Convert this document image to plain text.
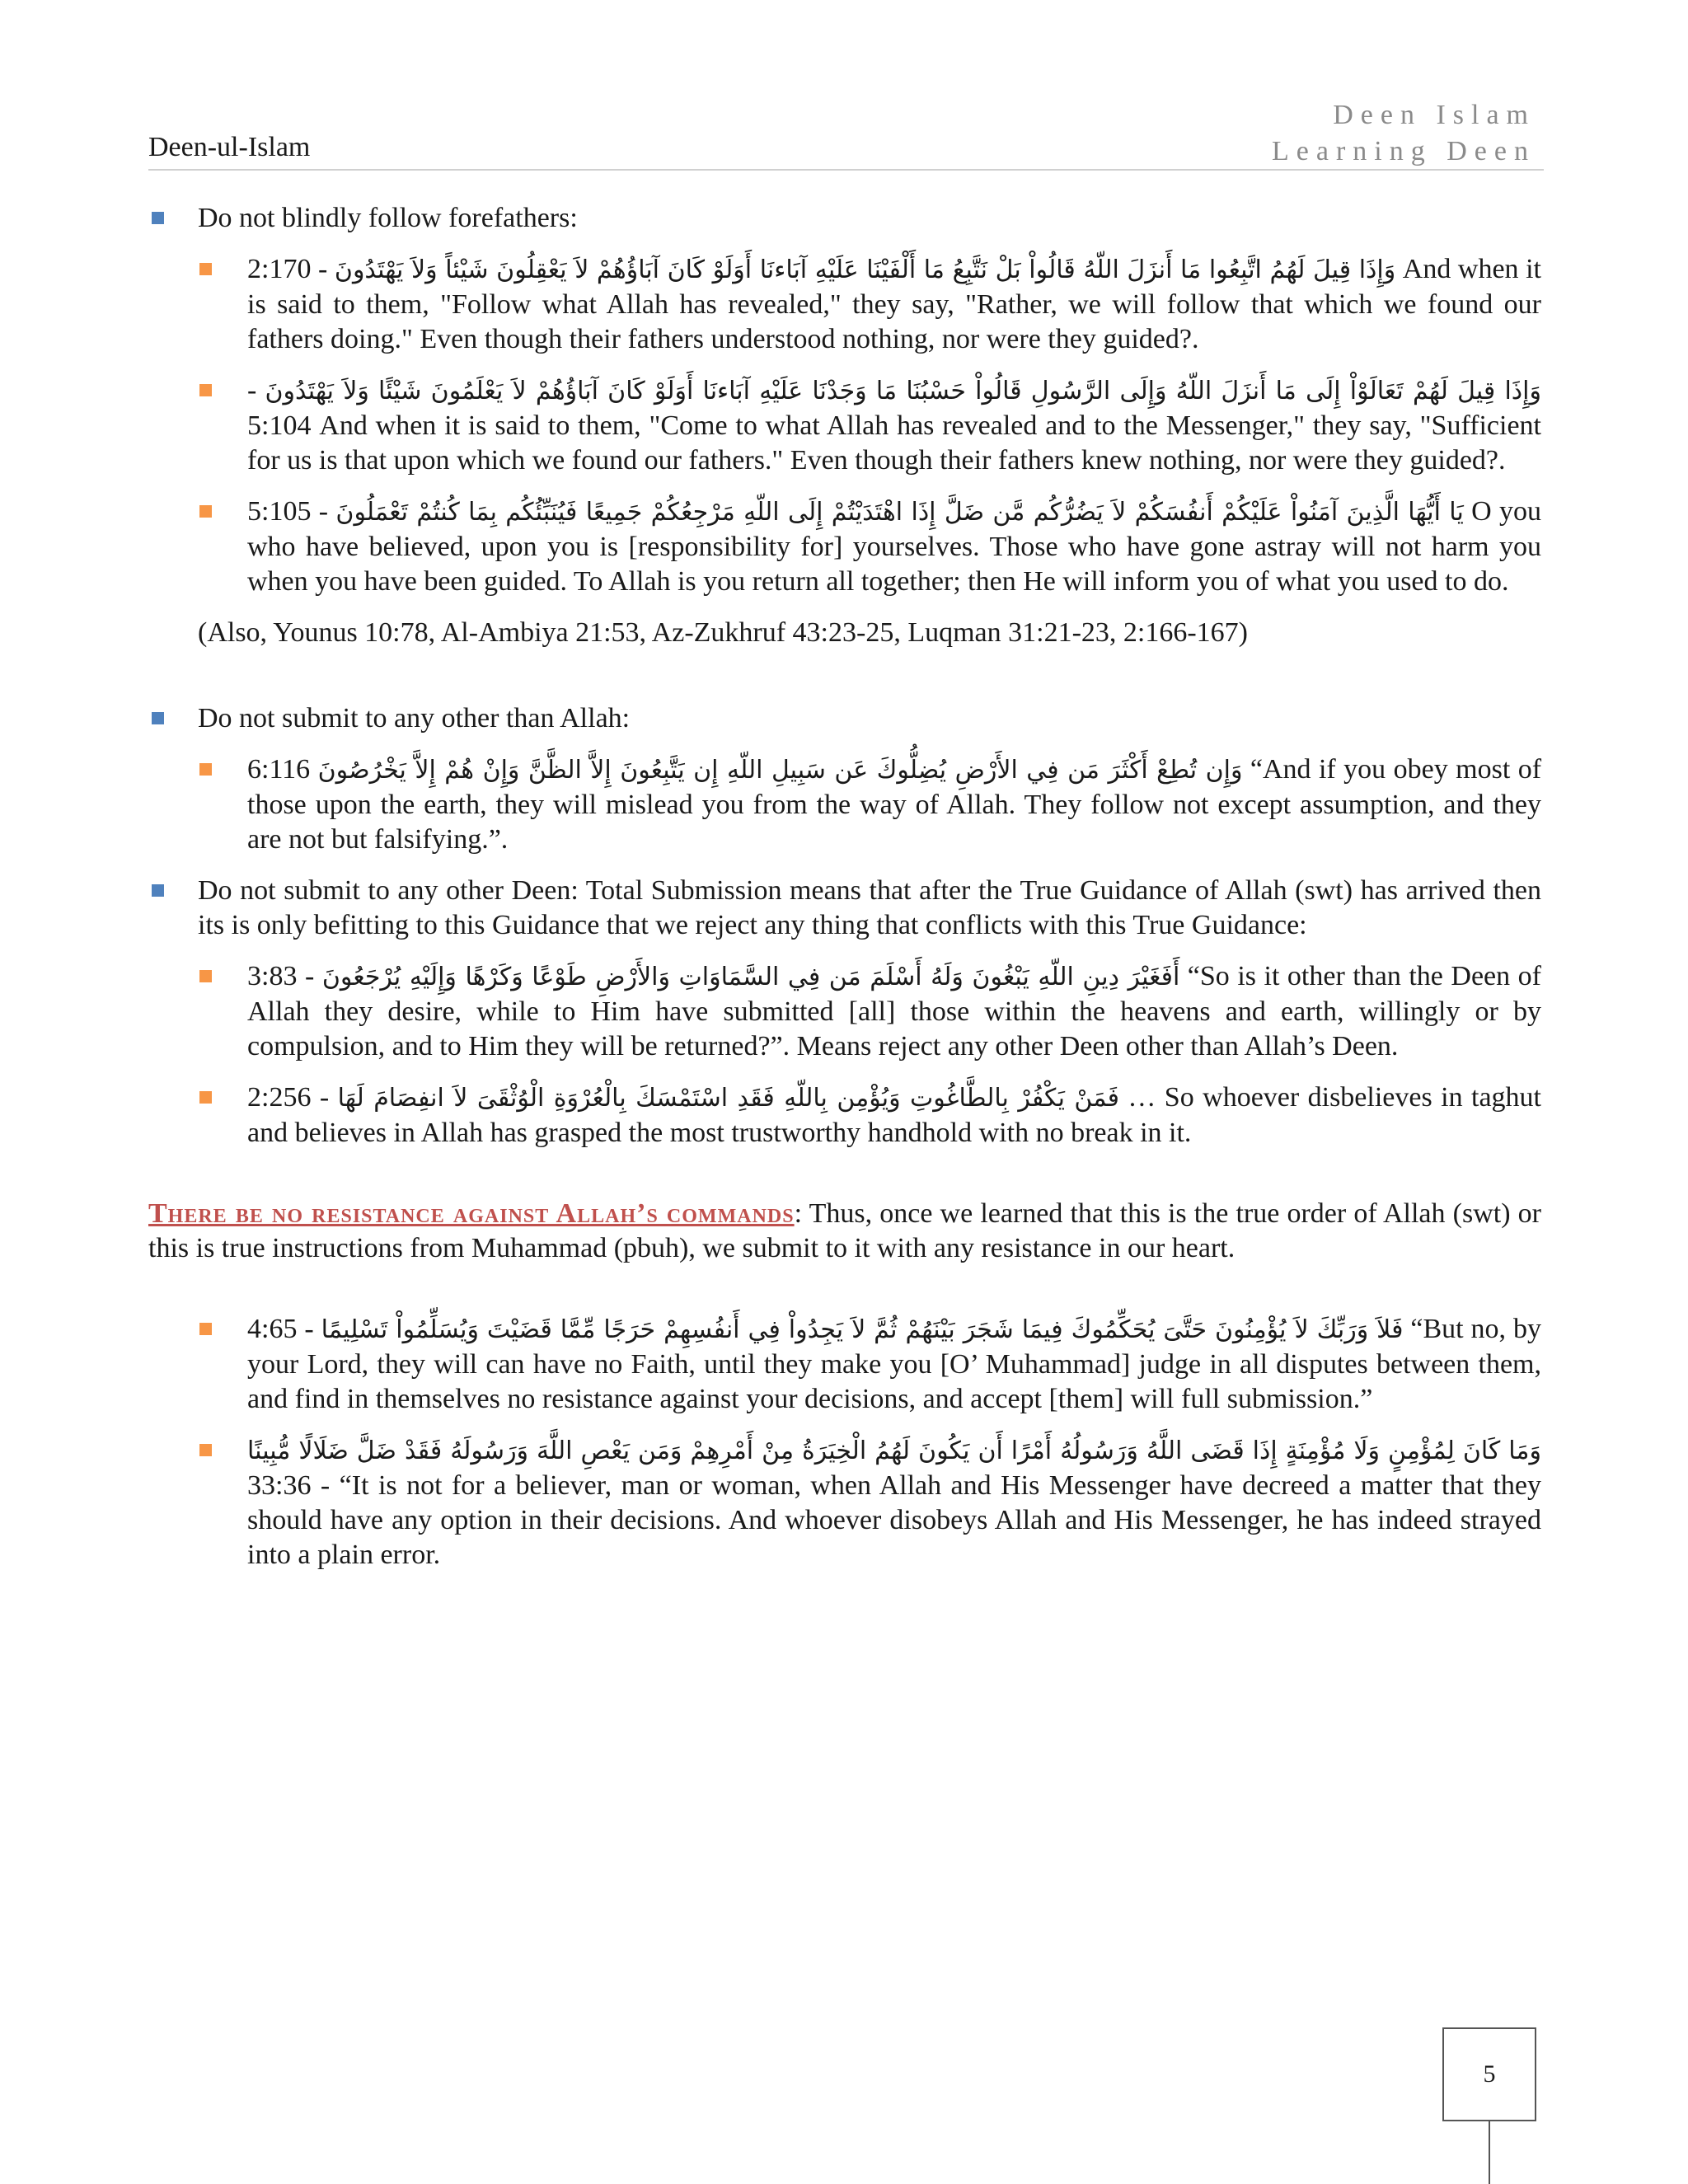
Deen-ul-Islam
Deen Islam
Learning Deen

Do not blindly follow forefathers:

وَإِذَا قِيلَ لَهُمُ اتَّبِعُوا مَا أَنزَلَ اللّهُ قَالُواْ بَلْ نَتَّبِعُ مَا أَلْفَيْنَا عَلَيْهِ آبَاءنَا أَوَلَوْ كَانَ آبَاؤُهُمْ لاَ يَعْقِلُونَ شَيْئاً وَلاَ يَهْتَدُونَ - 2:170 And when it is said to them, "Follow what Allah has revealed," they say, "Rather, we will follow that which we found our fathers doing." Even though their fathers understood nothing, nor were they guided?.

وَإِذَا قِيلَ لَهُمْ تَعَالَوْاْ إِلَى مَا أَنزَلَ اللّهُ وَإِلَى الرَّسُولِ قَالُواْ حَسْبُنَا مَا وَجَدْنَا عَلَيْهِ آبَاءنَا أَوَلَوْ كَانَ آبَاؤُهُمْ لاَ يَعْلَمُونَ شَيْئًا وَلاَ يَهْتَدُونَ - 5:104 And when it is said to them, "Come to what Allah has revealed and to the Messenger," they say, "Sufficient for us is that upon which we found our fathers." Even though their fathers knew nothing, nor were they guided?.

يَا أَيُّهَا الَّذِينَ آمَنُواْ عَلَيْكُمْ أَنفُسَكُمْ لاَ يَضُرُّكُم مَّن ضَلَّ إِذَا اهْتَدَيْتُمْ إِلَى اللّهِ مَرْجِعُكُمْ جَمِيعًا فَيُنَبِّئُكُم بِمَا كُنتُمْ تَعْمَلُونَ - 5:105 O you who have believed, upon you is [responsibility for] yourselves. Those who have gone astray will not harm you when you have been guided. To Allah is you return all together; then He will inform you of what you used to do.

(Also, Younus 10:78, Al-Ambiya 21:53, Az-Zukhruf 43:23-25, Luqman 31:21-23, 2:166-167)

Do not submit to any other than Allah:

وَإِن تُطِعْ أَكْثَرَ مَن فِي الأَرْضِ يُضِلُّوكَ عَن سَبِيلِ اللّهِ إِن يَتَّبِعُونَ إِلاَّ الظَّنَّ وَإِنْ هُمْ إِلاَّ يَخْرُصُونَ 6:116 “And if you obey most of those upon the earth, they will mislead you from the way of Allah. They follow not except assumption, and they are not but falsifying.”.

Do not submit to any other Deen: Total Submission means that after the True Guidance of Allah (swt) has arrived then its is only befitting to this Guidance that we reject any thing that conflicts with this True Guidance:

أَفَغَيْرَ دِينِ اللّهِ يَبْغُونَ وَلَهُ أَسْلَمَ مَن فِي السَّمَاوَاتِ وَالأَرْضِ طَوْعًا وَكَرْهًا وَإِلَيْهِ يُرْجَعُونَ - 3:83 “So is it other than the Deen of Allah they desire, while to Him have submitted [all] those within the heavens and earth, willingly or by compulsion, and to Him they will be returned?”. Means reject any other Deen other than Allah’s Deen.

فَمَنْ يَكْفُرْ بِالطَّاغُوتِ وَيُؤْمِن بِاللّهِ فَقَدِ اسْتَمْسَكَ بِالْعُرْوَةِ الْوُثْقَىَ لاَ انفِصَامَ لَهَا - 2:256 … So whoever disbelieves in taghut and believes in Allah has grasped the most trustworthy handhold with no break in it.

There be no resistance against Allah’s commands: Thus, once we learned that this is the true order of Allah (swt) or this is true instructions from Muhammad (pbuh), we submit to it with any resistance in our heart.

فَلاَ وَرَبِّكَ لاَ يُؤْمِنُونَ حَتَّىَ يُحَكِّمُوكَ فِيمَا شَجَرَ بَيْنَهُمْ ثُمَّ لاَ يَجِدُواْ فِي أَنفُسِهِمْ حَرَجًا مِّمَّا قَضَيْتَ وَيُسَلِّمُواْ تَسْلِيمًا - 4:65 “But no, by your Lord, they will can have no Faith, until they make you [O’ Muhammad] judge in all disputes between them, and find in themselves no resistance against your decisions, and accept [them] will full submission.”

وَمَا كَانَ لِمُؤْمِنٍ وَلَا مُؤْمِنَةٍ إِذَا قَضَى اللَّهُ وَرَسُولُهُ أَمْرًا أَن يَكُونَ لَهُمُ الْخِيَرَةُ مِنْ أَمْرِهِمْ وَمَن يَعْصِ اللَّهَ وَرَسُولَهُ فَقَدْ ضَلَّ ضَلَالًا مُّبِينًا - 33:36 “It is not for a believer, man or woman, when Allah and His Messenger have decreed a matter that they should have any option in their decisions. And whoever disobeys Allah and His Messenger, he has indeed strayed into a plain error.

5
